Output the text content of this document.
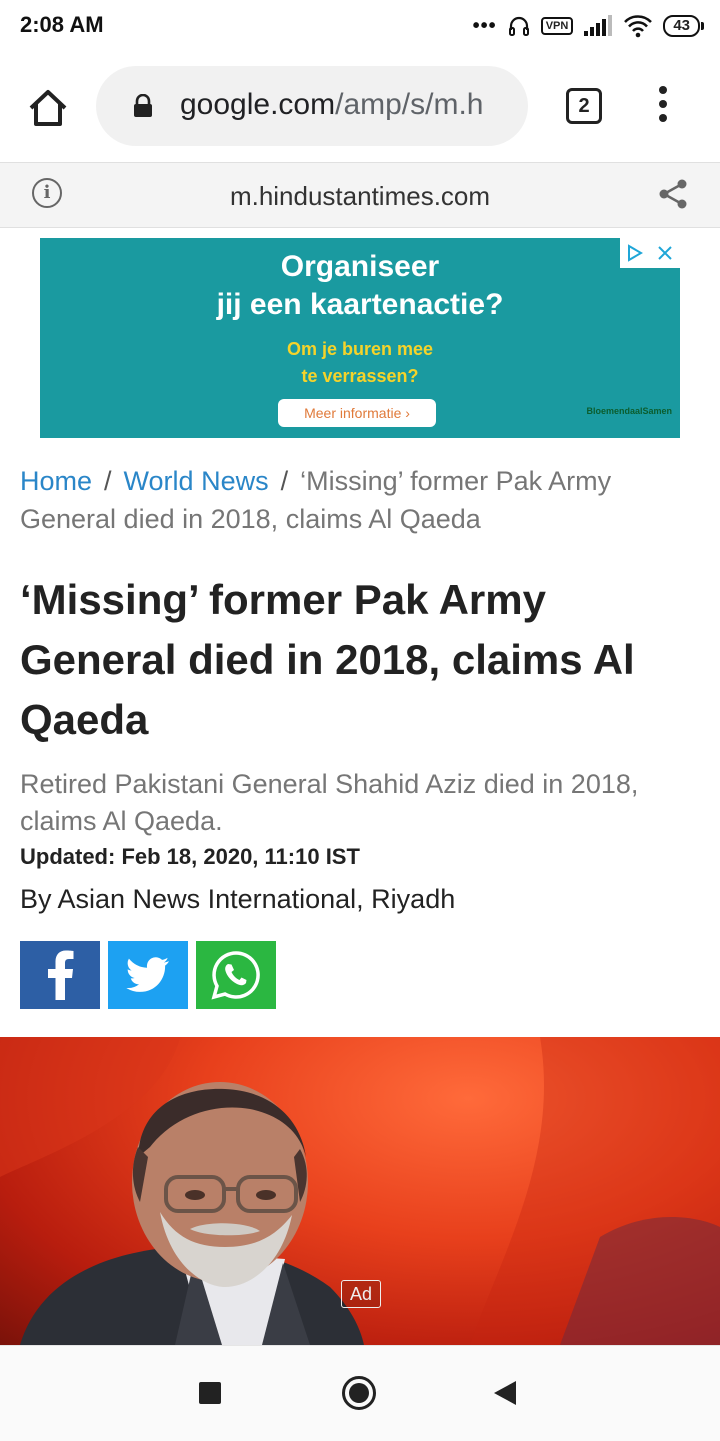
2:08 AM	•••	VPN	43
google.com/amp/s/m.h	2
i	m.hindustantimes.com
Organiseer
jij een kaartenactie?
Om je buren mee
te verrassen?
Meer informatie ›	BloemendaalSamen
Home / World News / ‘Missing’ former Pak Army General died in 2018, claims Al Qaeda
‘Missing’ former Pak Army General died in 2018, claims Al Qaeda
Retired Pakistani General Shahid Aziz died in 2018, claims Al Qaeda.
Updated: Feb 18, 2020, 11:10 IST
By Asian News International, Riyadh
Ad
